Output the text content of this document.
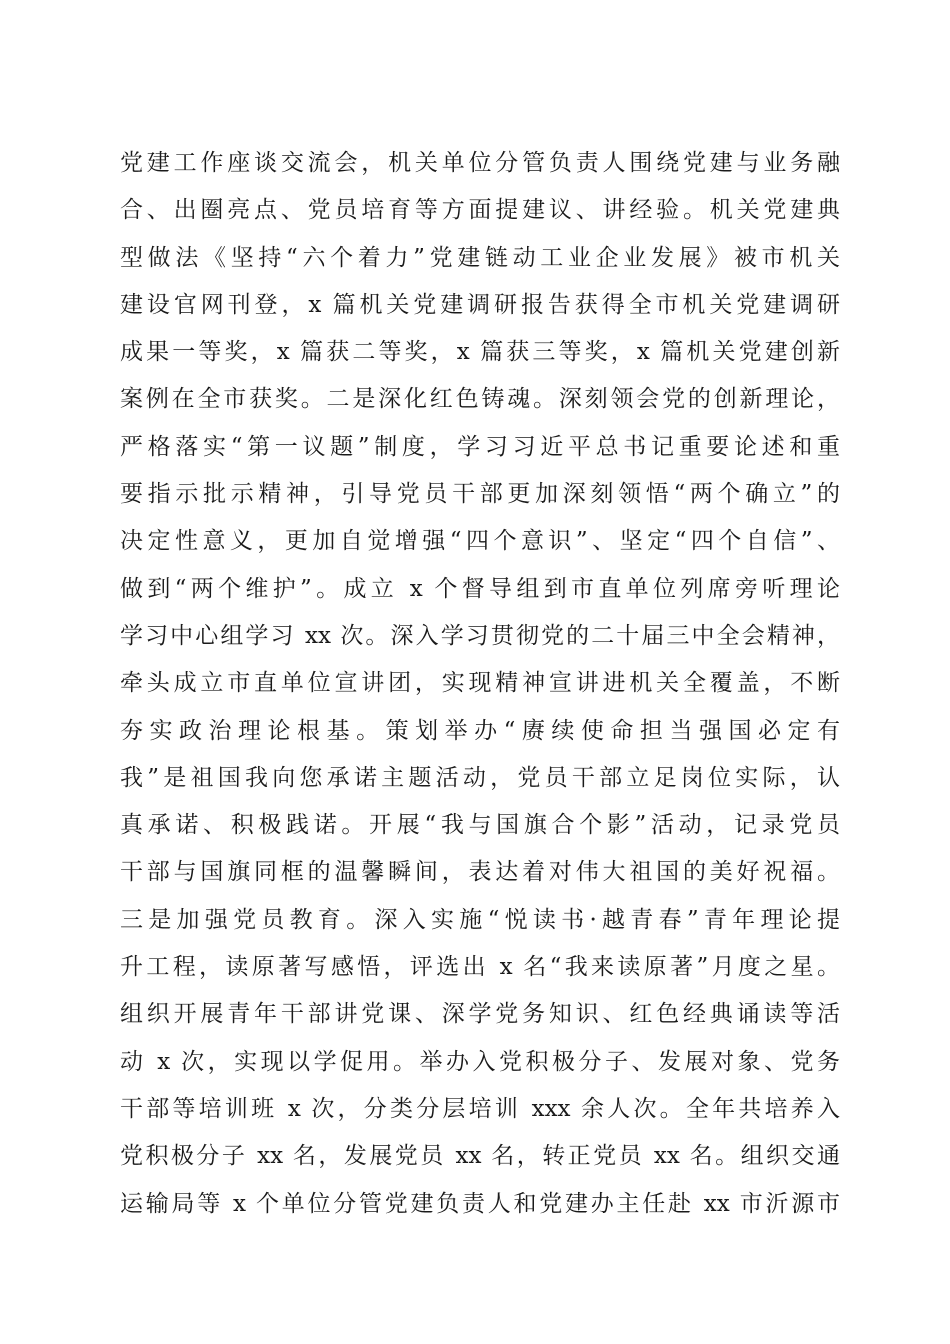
党建工作座谈交流会，机关单位分管负责人围绕党建与业务融
合、出圈亮点、党员培育等方面提建议、讲经验。机关党建典
型做法《坚持“六个着力”党建链动工业企业发展》被市机关
建设官网刊登，x 篇机关党建调研报告获得全市机关党建调研
成果一等奖，x 篇获二等奖，x 篇获三等奖，x 篇机关党建创新
案例在全市获奖。二是深化红色铸魂。深刻领会党的创新理论，
严格落实“第一议题”制度，学习习近平总书记重要论述和重
要指示批示精神，引导党员干部更加深刻领悟“两个确立”的
决定性意义，更加自觉增强“四个意识”、坚定“四个自信”、
做到“两个维护”。成立 x 个督导组到市直单位列席旁听理论
学习中心组学习 xx 次。深入学习贯彻党的二十届三中全会精神，
牵头成立市直单位宣讲团，实现精神宣讲进机关全覆盖，不断
夯实政治理论根基。策划举办“赓续使命担当强国必定有
我”是祖国我向您承诺主题活动，党员干部立足岗位实际，认
真承诺、积极践诺。开展“我与国旗合个影”活动，记录党员
干部与国旗同框的温馨瞬间，表达着对伟大祖国的美好祝福。
三是加强党员教育。深入实施“悦读书·越青春”青年理论提
升工程，读原著写感悟，评选出 x 名“我来读原著”月度之星。
组织开展青年干部讲党课、深学党务知识、红色经典诵读等活
动 x 次，实现以学促用。举办入党积极分子、发展对象、党务
干部等培训班 x 次，分类分层培训 xxx 余人次。全年共培养入
党积极分子 xx 名，发展党员 xx 名，转正党员 xx 名。组织交通
运输局等 x 个单位分管党建负责人和党建办主任赴 xx 市沂源市
